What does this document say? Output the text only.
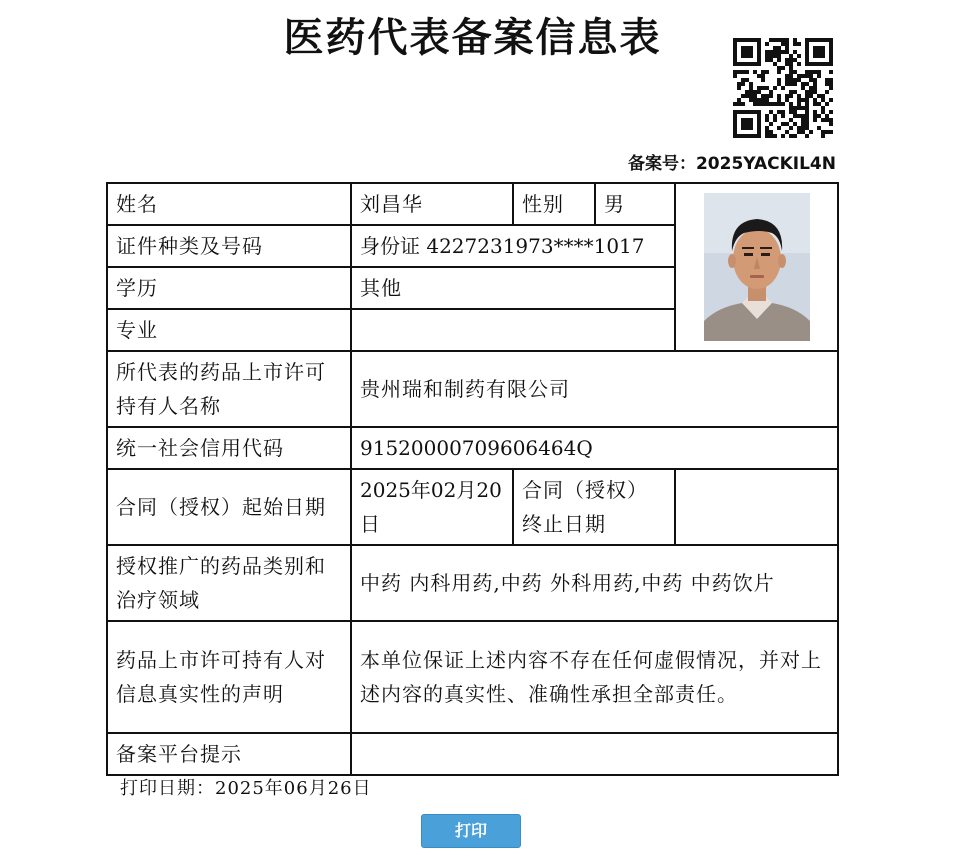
医药代表备案信息表
备案号：2025YACKIL4N
姓名	刘昌华	性别	男	
证件种类及号码	身份证 4227231973****1017			
学历	其他			
专业				
所代表的药品上市许可持有人名称	贵州瑞和制药有限公司			
统一社会信用代码	91520000709606464Q			
合同（授权）起始日期	2025年02月20日	合同（授权）终止日期		
授权推广的药品类别和治疗领域	中药 内科用药,中药 外科用药,中药 中药饮片			
药品上市许可持有人对信息真实性的声明	本单位保证上述内容不存在任何虚假情况，并对上述内容的真实性、准确性承担全部责任。			
备案平台提示				
打印日期：2025年06月26日
打印
